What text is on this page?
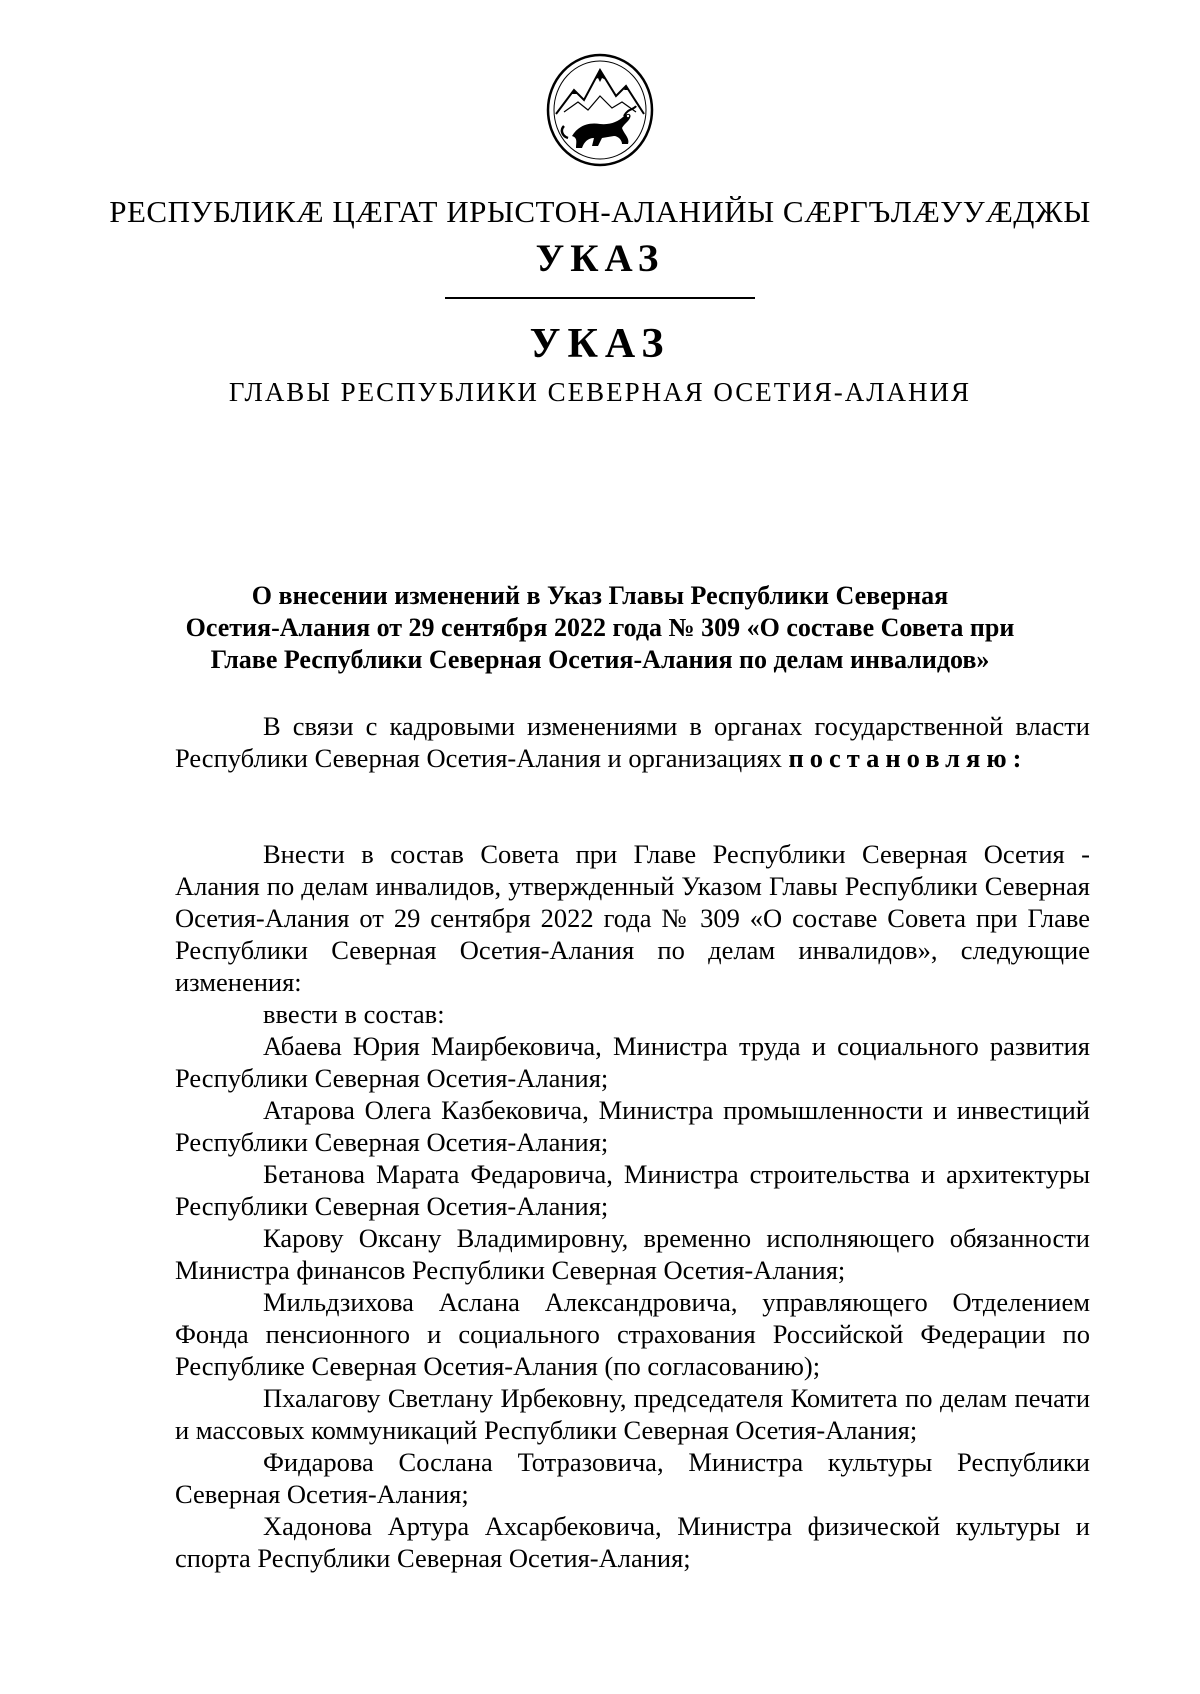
РЕСПУБЛИКÆ ЦÆГАТ ИРЫСТОН-АЛАНИЙЫ СÆРГЪЛÆУУÆДЖЫ
УКАЗ
УКАЗ
ГЛАВЫ РЕСПУБЛИКИ СЕВЕРНАЯ ОСЕТИЯ-АЛАНИЯ
О внесении изменений в Указ Главы Республики Северная
Осетия-Алания от 29 сентября 2022 года № 309 «О составе Совета при
Главе Республики Северная Осетия-Алания по делам инвалидов»

В связи с кадровыми изменениями в органах государственной власти Республики Северная Осетия-Алания и организациях постановляю:

Внести в состав Совета при Главе Республики Северная Осетия - Алания по делам инвалидов, утвержденный Указом Главы Республики Северная Осетия-Алания от 29 сентября 2022 года № 309 «О составе Совета при Главе Республики Северная Осетия-Алания по делам инвалидов», следующие изменения:

ввести в состав:

Абаева Юрия Маирбековича, Министра труда и социального развития Республики Северная Осетия-Алания;

Атарова Олега Казбековича, Министра промышленности и инвестиций Республики Северная Осетия-Алания;

Бетанова Марата Федаровича, Министра строительства и архитектуры Республики Северная Осетия-Алания;

Карову Оксану Владимировну, временно исполняющего обязанности Министра финансов Республики Северная Осетия-Алания;

Мильдзихова Аслана Александровича, управляющего Отделением Фонда пенсионного и социального страхования Российской Федерации по Республике Северная Осетия-Алания (по согласованию);

Пхалагову Светлану Ирбековну, председателя Комитета по делам печати и массовых коммуникаций Республики Северная Осетия-Алания;

Фидарова Сослана Тотразовича, Министра культуры Республики Северная Осетия-Алания;

Хадонова Артура Ахсарбековича, Министра физической культуры и спорта Республики Северная Осетия-Алания;
